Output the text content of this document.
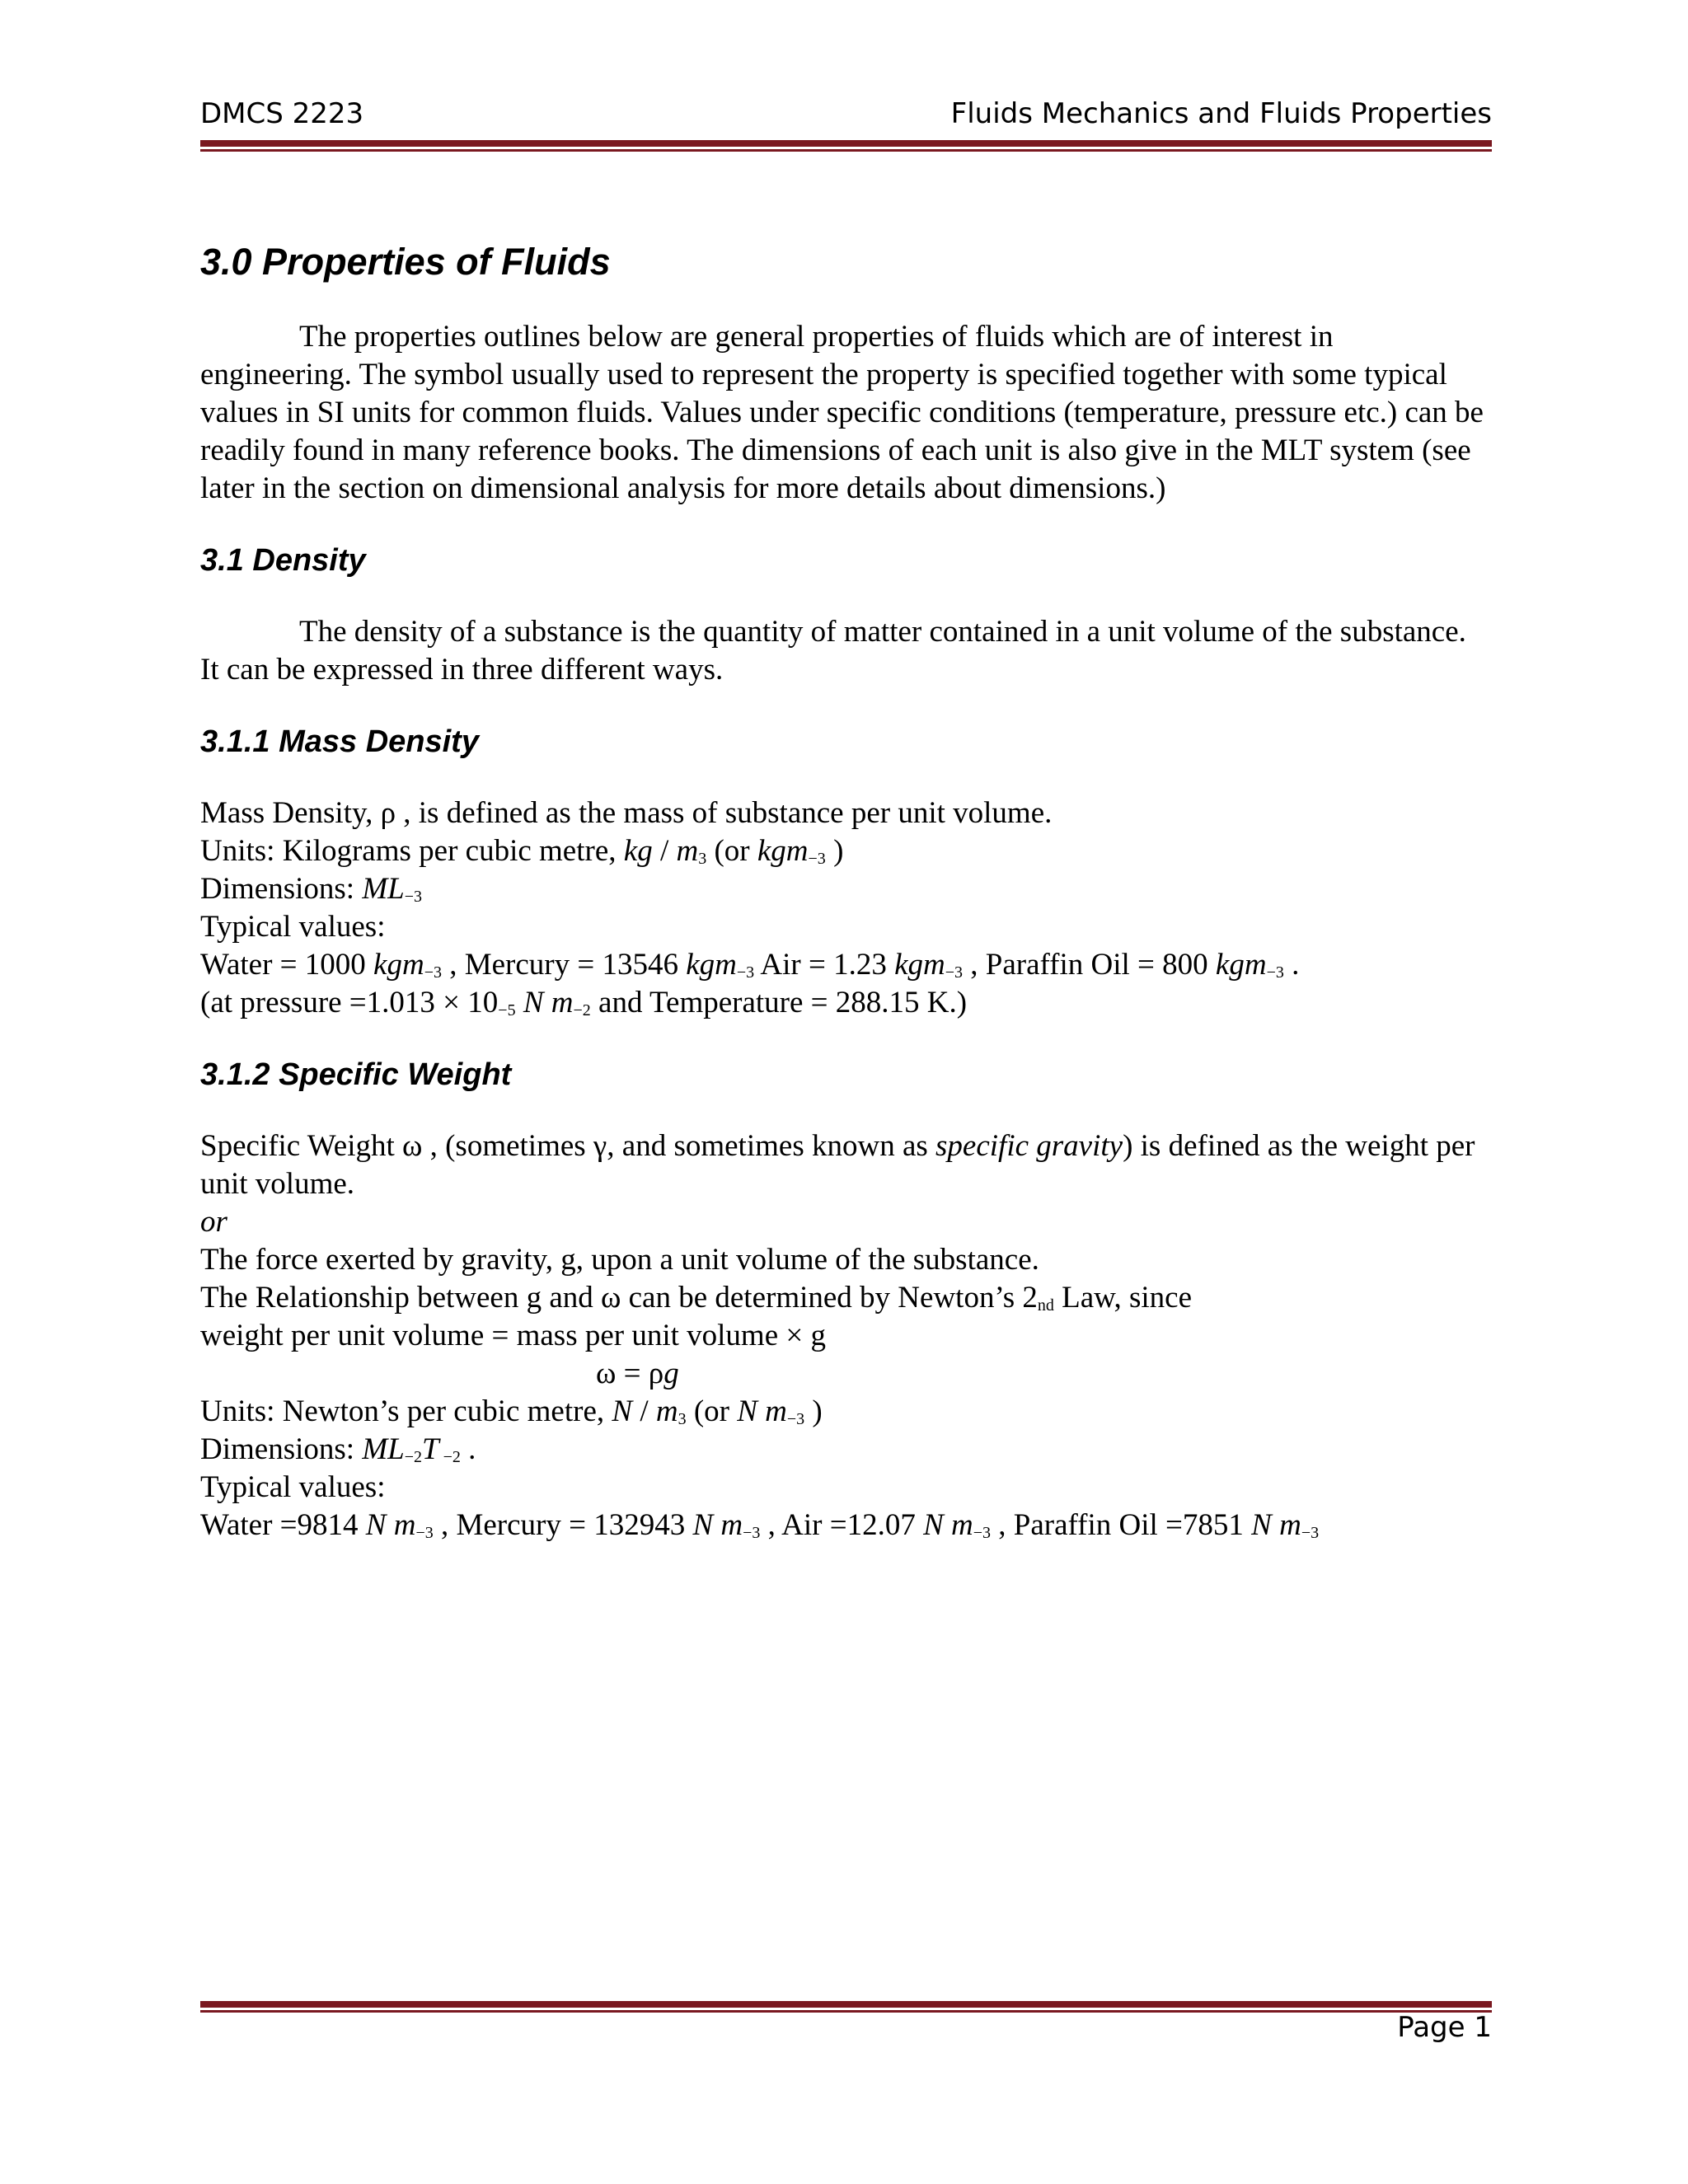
DMCS 2223	Fluids Mechanics and Fluids Properties
3.0 Properties of Fluids

The properties outlines below are general properties of fluids which are of interest in engineering. The symbol usually used to represent the property is specified together with some typical values in SI units for common fluids. Values under specific conditions (temperature, pressure etc.) can be readily found in many reference books. The dimensions of each unit is also give in the MLT system (see later in the section on dimensional analysis for more details about dimensions.)

3.1 Density

The density of a substance is the quantity of matter contained in a unit volume of the substance. It can be expressed in three different ways.

3.1.1 Mass Density

Mass Density, ρ , is defined as the mass of substance per unit volume.

Units: Kilograms per cubic metre, kg / $m_3$ (or kgm$_{-3}$ )

Dimensions: $ML_{-3}$

Typical values:

Water = 1000 kgm$_{-3}$ , Mercury = 13546 kgm$_{-3}$ Air = 1.23 kgm$_{-3}$ , Paraffin Oil = 800 kgm$_{-3}$ .

(at pressure $=1.013 \times 10_{-5}$ N $m_{-2}$ and Temperature = 288.15 K.)

3.1.2 Specific Weight

Specific Weight ω , (sometimes γ, and sometimes known as specific gravity) is defined as the weight per unit volume.

or

The force exerted by gravity, g, upon a unit volume of the substance.

The Relationship between g and ω can be determined by Newton’s $2_{nd}$ Law, since

weight per unit volume = mass per unit volume × g

ω = ρg

Units: Newton’s per cubic metre, N / $m_3$ (or N $m_{-3}$ )

Dimensions: $ML_{-2}T$ $_{-2}$ .

Typical values:

Water =9814 N $m_{-3}$ , Mercury = 132943 N $m_{-3}$ , Air =12.07 N $m_{-3}$ , Paraffin Oil =7851 N $m_{-3}$

Page 1
